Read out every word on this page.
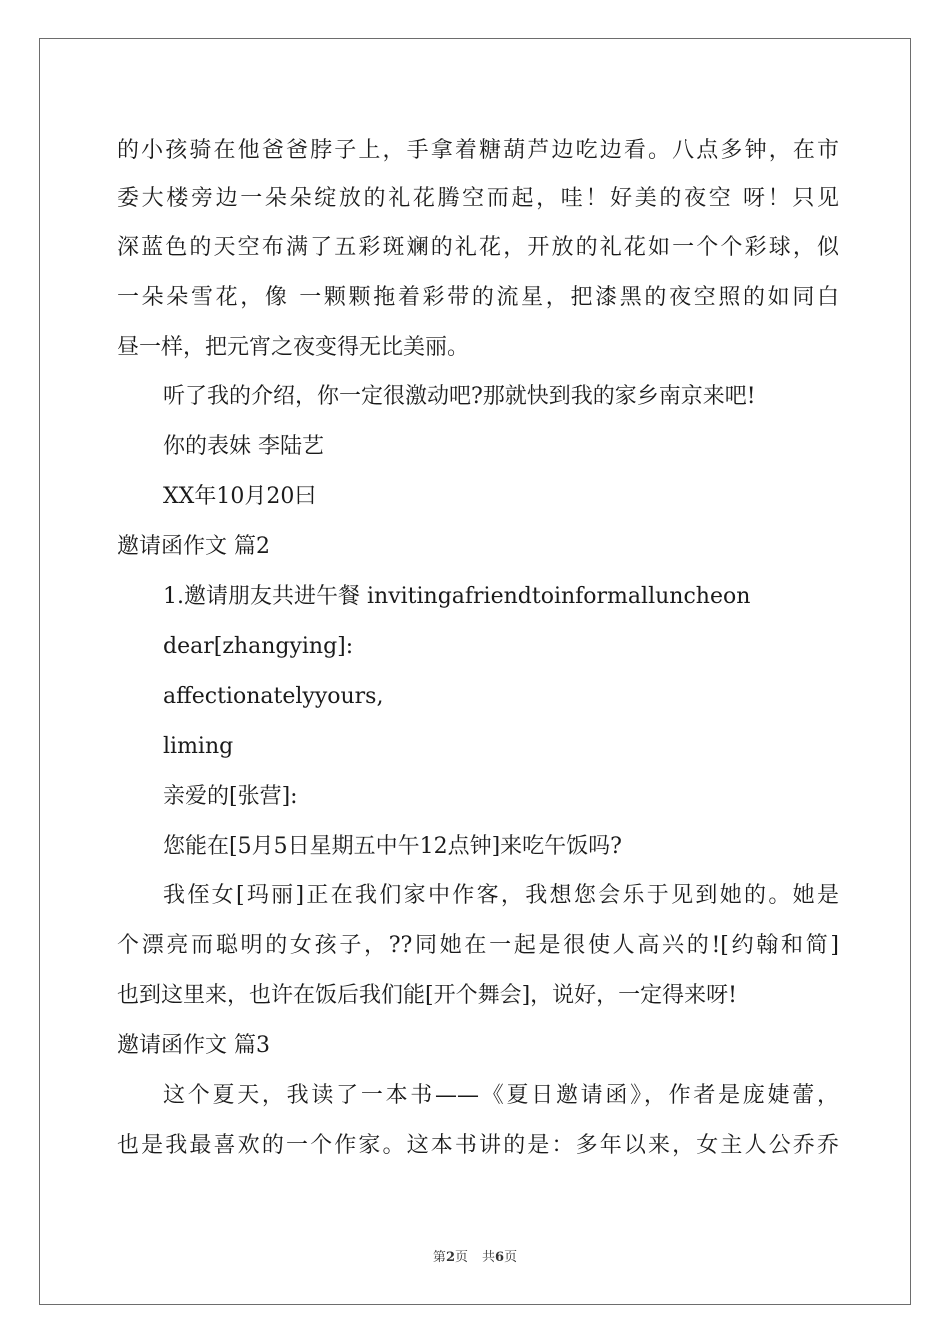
的小孩骑在他爸爸脖子上，手拿着糖葫芦边吃边看。八点多钟，在市
委大楼旁边一朵朵绽放的礼花腾空而起，哇！好美的夜空 呀！只见
深蓝色的天空布满了五彩斑斓的礼花，开放的礼花如一个个彩球，似
一朵朵雪花，像 一颗颗拖着彩带的流星，把漆黑的夜空照的如同白
昼一样，把元宵之夜变得无比美丽。
听了我的介绍，你一定很激动吧?那就快到我的家乡南京来吧!
你的表妹 李陆艺
XX年10月20曰
邀请函作文 篇2
1.邀请朋友共进午餐 invitingafriendtoinformalluncheon
dear[zhangying]:
affectionatelyyours,
liming
亲爱的[张营]:
您能在[5月5日星期五中午12点钟]来吃午饭吗?
我侄女[玛丽]正在我们家中作客，我想您会乐于见到她的。她是
个漂亮而聪明的女孩子，??同她在一起是很使人高兴的![约翰和简]
也到这里来，也许在饭后我们能[开个舞会]，说好，一定得来呀!
邀请函作文 篇3
这个夏天，我读了一本书——《夏日邀请函》，作者是庞婕蕾，
也是我最喜欢的一个作家。这本书讲的是：多年以来，女主人公乔乔
第2页 共6页
